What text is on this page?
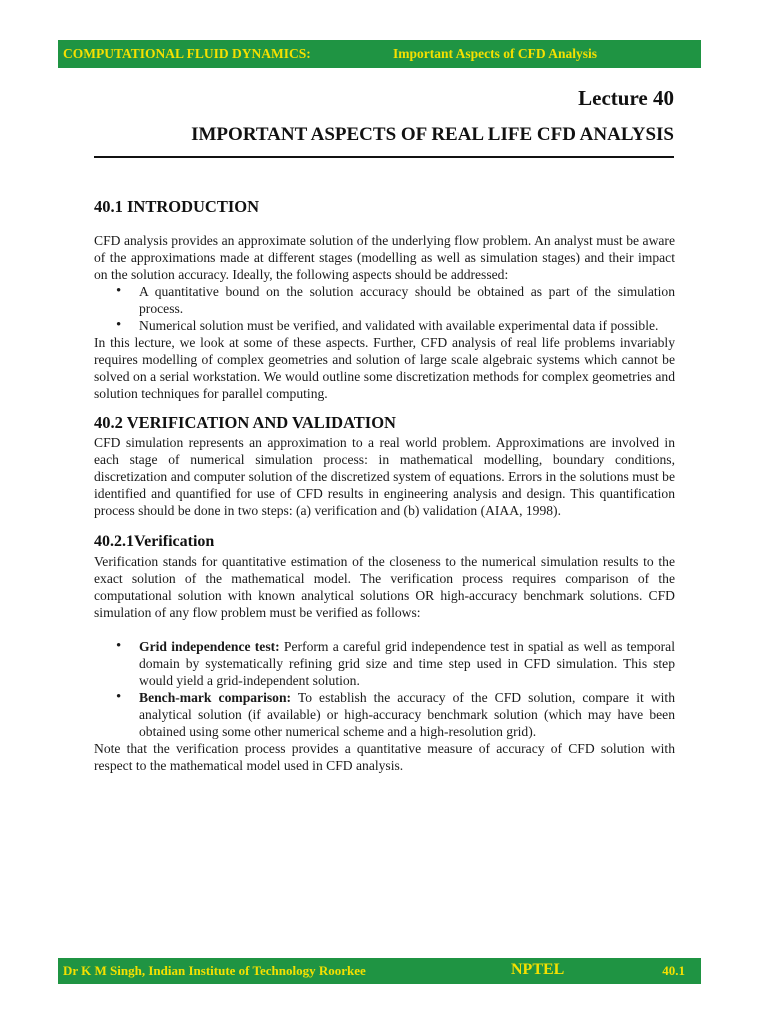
COMPUTATIONAL FLUID DYNAMICS:	Important Aspects of CFD Analysis
Lecture 40
IMPORTANT ASPECTS OF REAL LIFE CFD ANALYSIS
40.1 INTRODUCTION

CFD analysis provides an approximate solution of the underlying flow problem. An analyst must be aware of the approximations made at different stages (modelling as well as simulation stages) and their impact on the solution accuracy. Ideally, the following aspects should be addressed:

• A quantitative bound on the solution accuracy should be obtained as part of the simulation process.
• Numerical solution must be verified, and validated with available experimental data if possible.

In this lecture, we look at some of these aspects. Further, CFD analysis of real life problems invariably requires modelling of complex geometries and solution of large scale algebraic systems which cannot be solved on a serial workstation. We would outline some discretization methods for complex geometries and solution techniques for parallel computing.

40.2 VERIFICATION AND VALIDATION

CFD simulation represents an approximation to a real world problem. Approximations are involved in each stage of numerical simulation process: in mathematical modelling, boundary conditions, discretization and computer solution of the discretized system of equations. Errors in the solutions must be identified and quantified for use of CFD results in engineering analysis and design. This quantification process should be done in two steps: (a) verification and (b) validation (AIAA, 1998).

40.2.1Verification

Verification stands for quantitative estimation of the closeness to the numerical simulation results to the exact solution of the mathematical model. The verification process requires comparison of the computational solution with known analytical solutions OR high-accuracy benchmark solutions. CFD simulation of any flow problem must be verified as follows:

• Grid independence test: Perform a careful grid independence test in spatial as well as temporal domain by systematically refining grid size and time step used in CFD simulation. This step would yield a grid-independent solution.
• Bench-mark comparison: To establish the accuracy of the CFD solution, compare it with analytical solution (if available) or high-accuracy benchmark solution (which may have been obtained using some other numerical scheme and a high-resolution grid).

Note that the verification process provides a quantitative measure of accuracy of CFD solution with respect to the mathematical model used in CFD analysis.

Dr K M Singh, Indian Institute of Technology Roorkee	NPTEL	40.1
